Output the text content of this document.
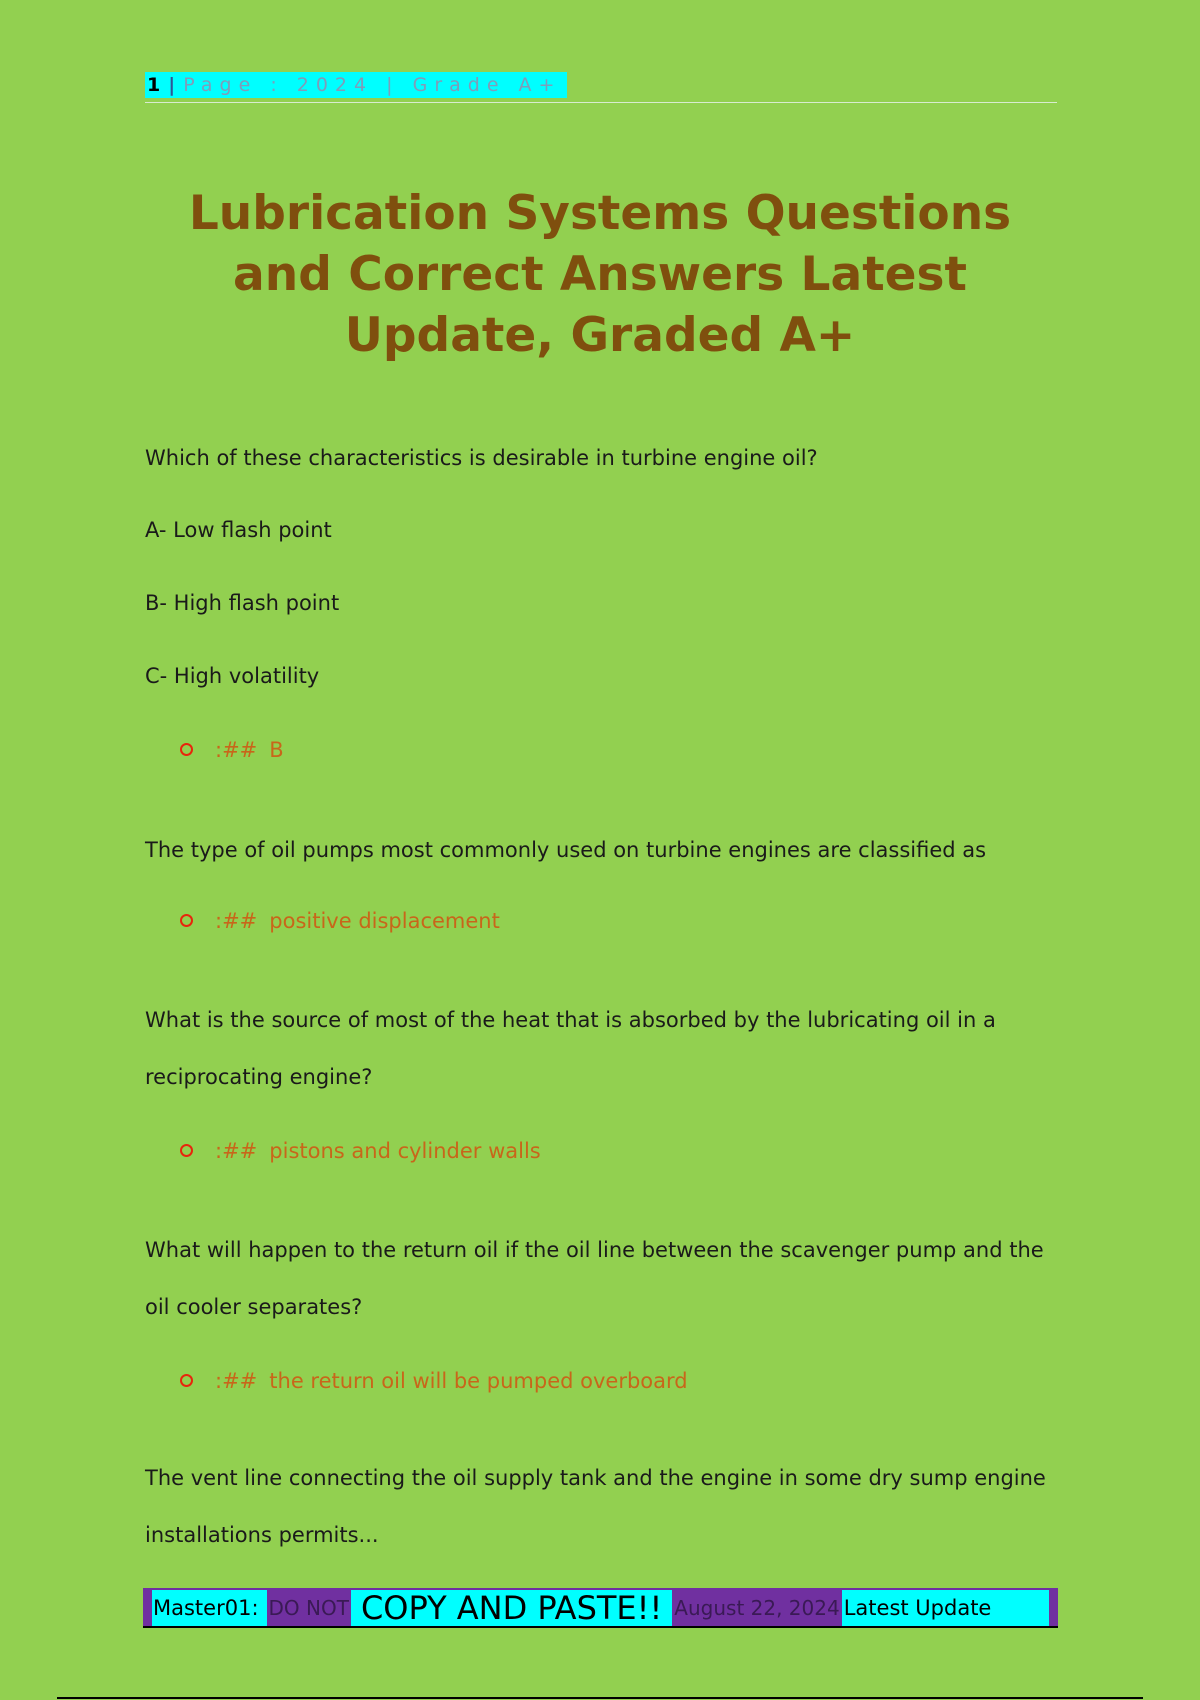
1 | Page : 2024 | Grade A+
Lubrication Systems Questions and Correct Answers Latest Update, Graded A+

Which of these characteristics is desirable in turbine engine oil?

A- Low flash point

B- High flash point

C- High volatility

:## B

The type of oil pumps most commonly used on turbine engines are classified as

:## positive displacement

What is the source of most of the heat that is absorbed by the lubricating oil in a reciprocating engine?

:## pistons and cylinder walls

What will happen to the return oil if the oil line between the scavenger pump and the oil cooler separates?

:## the return oil will be pumped overboard

The vent line connecting the oil supply tank and the engine in some dry sump engine installations permits...

Master01: DO NOT COPY AND PASTE!! August 22, 2024 Latest Update
